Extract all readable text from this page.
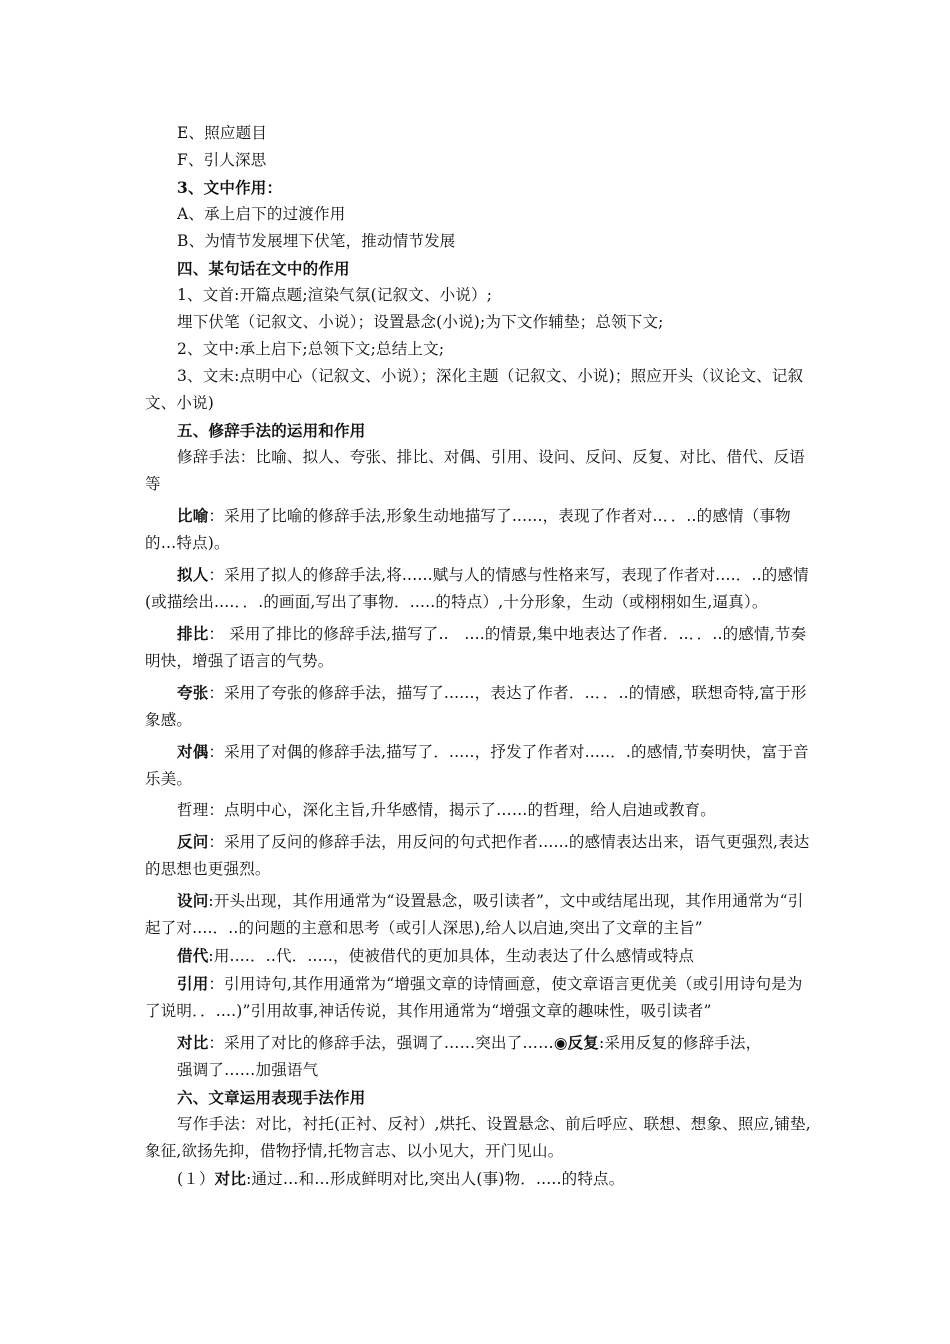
E、照应题目

F、引人深思

3、文中作用：

A、承上启下的过渡作用

B、为情节发展埋下伏笔，推动情节发展

四、某句话在文中的作用

1、文首:开篇点题;渲染气氛(记叙文、小说）;

埋下伏笔（记叙文、小说）；设置悬念(小说);为下文作辅垫；总领下文;

2、文中:承上启下;总领下文;总结上文;

3、文末:点明中心（记叙文、小说）；深化主题（记叙文、小说)；照应开头（议论文、记叙文、小说)

五、修辞手法的运用和作用

修辞手法：比喻、拟人、夸张、排比、对偶、引用、设问、反问、反复、对比、借代、反语等

比喻：采用了比喻的修辞手法,形象生动地描写了......，表现了作者对..．．..的感情（事物的…特点)。

拟人：采用了拟人的修辞手法,将......赋与人的情感与性格来写，表现了作者对....．..的感情(或描绘出....．．.的画面,写出了事物．.....的特点）,十分形象，生动（或栩栩如生,逼真）。

排比： 采用了排比的修辞手法,描写了..　....的情景,集中地表达了作者．..．．..的感情,节奏明快，增强了语言的气势。

夸张：采用了夸张的修辞手法，描写了......，表达了作者．..．．..的情感，联想奇特,富于形象感。

对偶：采用了对偶的修辞手法,描写了．.....，抒发了作者对.....．.的感情,节奏明快，富于音乐美。

哲理：点明中心，深化主旨,升华感情，揭示了……的哲理，给人启迪或教育。

反问：采用了反问的修辞手法，用反问的句式把作者......的感情表达出来，语气更强烈,表达的思想也更强烈。

设问:开头出现，其作用通常为“设置悬念，吸引读者”，文中或结尾出现，其作用通常为“引起了对....．..的问题的主意和思考（或引人深思),给人以启迪,突出了文章的主旨”

借代:用....．..代．.....，使被借代的更加具体，生动表达了什么感情或特点

引用：引用诗句,其作用通常为“增强文章的诗情画意，使文章语言更优美（或引用诗句是为了说明．．....)”引用故事,神话传说，其作用通常为“增强文章的趣味性，吸引读者”

对比：采用了对比的修辞手法，强调了……突出了……◉反复:采用反复的修辞手法，

强调了……加强语气

六、文章运用表现手法作用

写作手法：对比，衬托(正衬、反衬）,烘托、设置悬念、前后呼应、联想、想象、照应,铺垫,象征,欲扬先抑，借物抒情,托物言志、以小见大，开门见山。

(１）对比:通过…和…形成鲜明对比,突出人(事)物．.....的特点。
